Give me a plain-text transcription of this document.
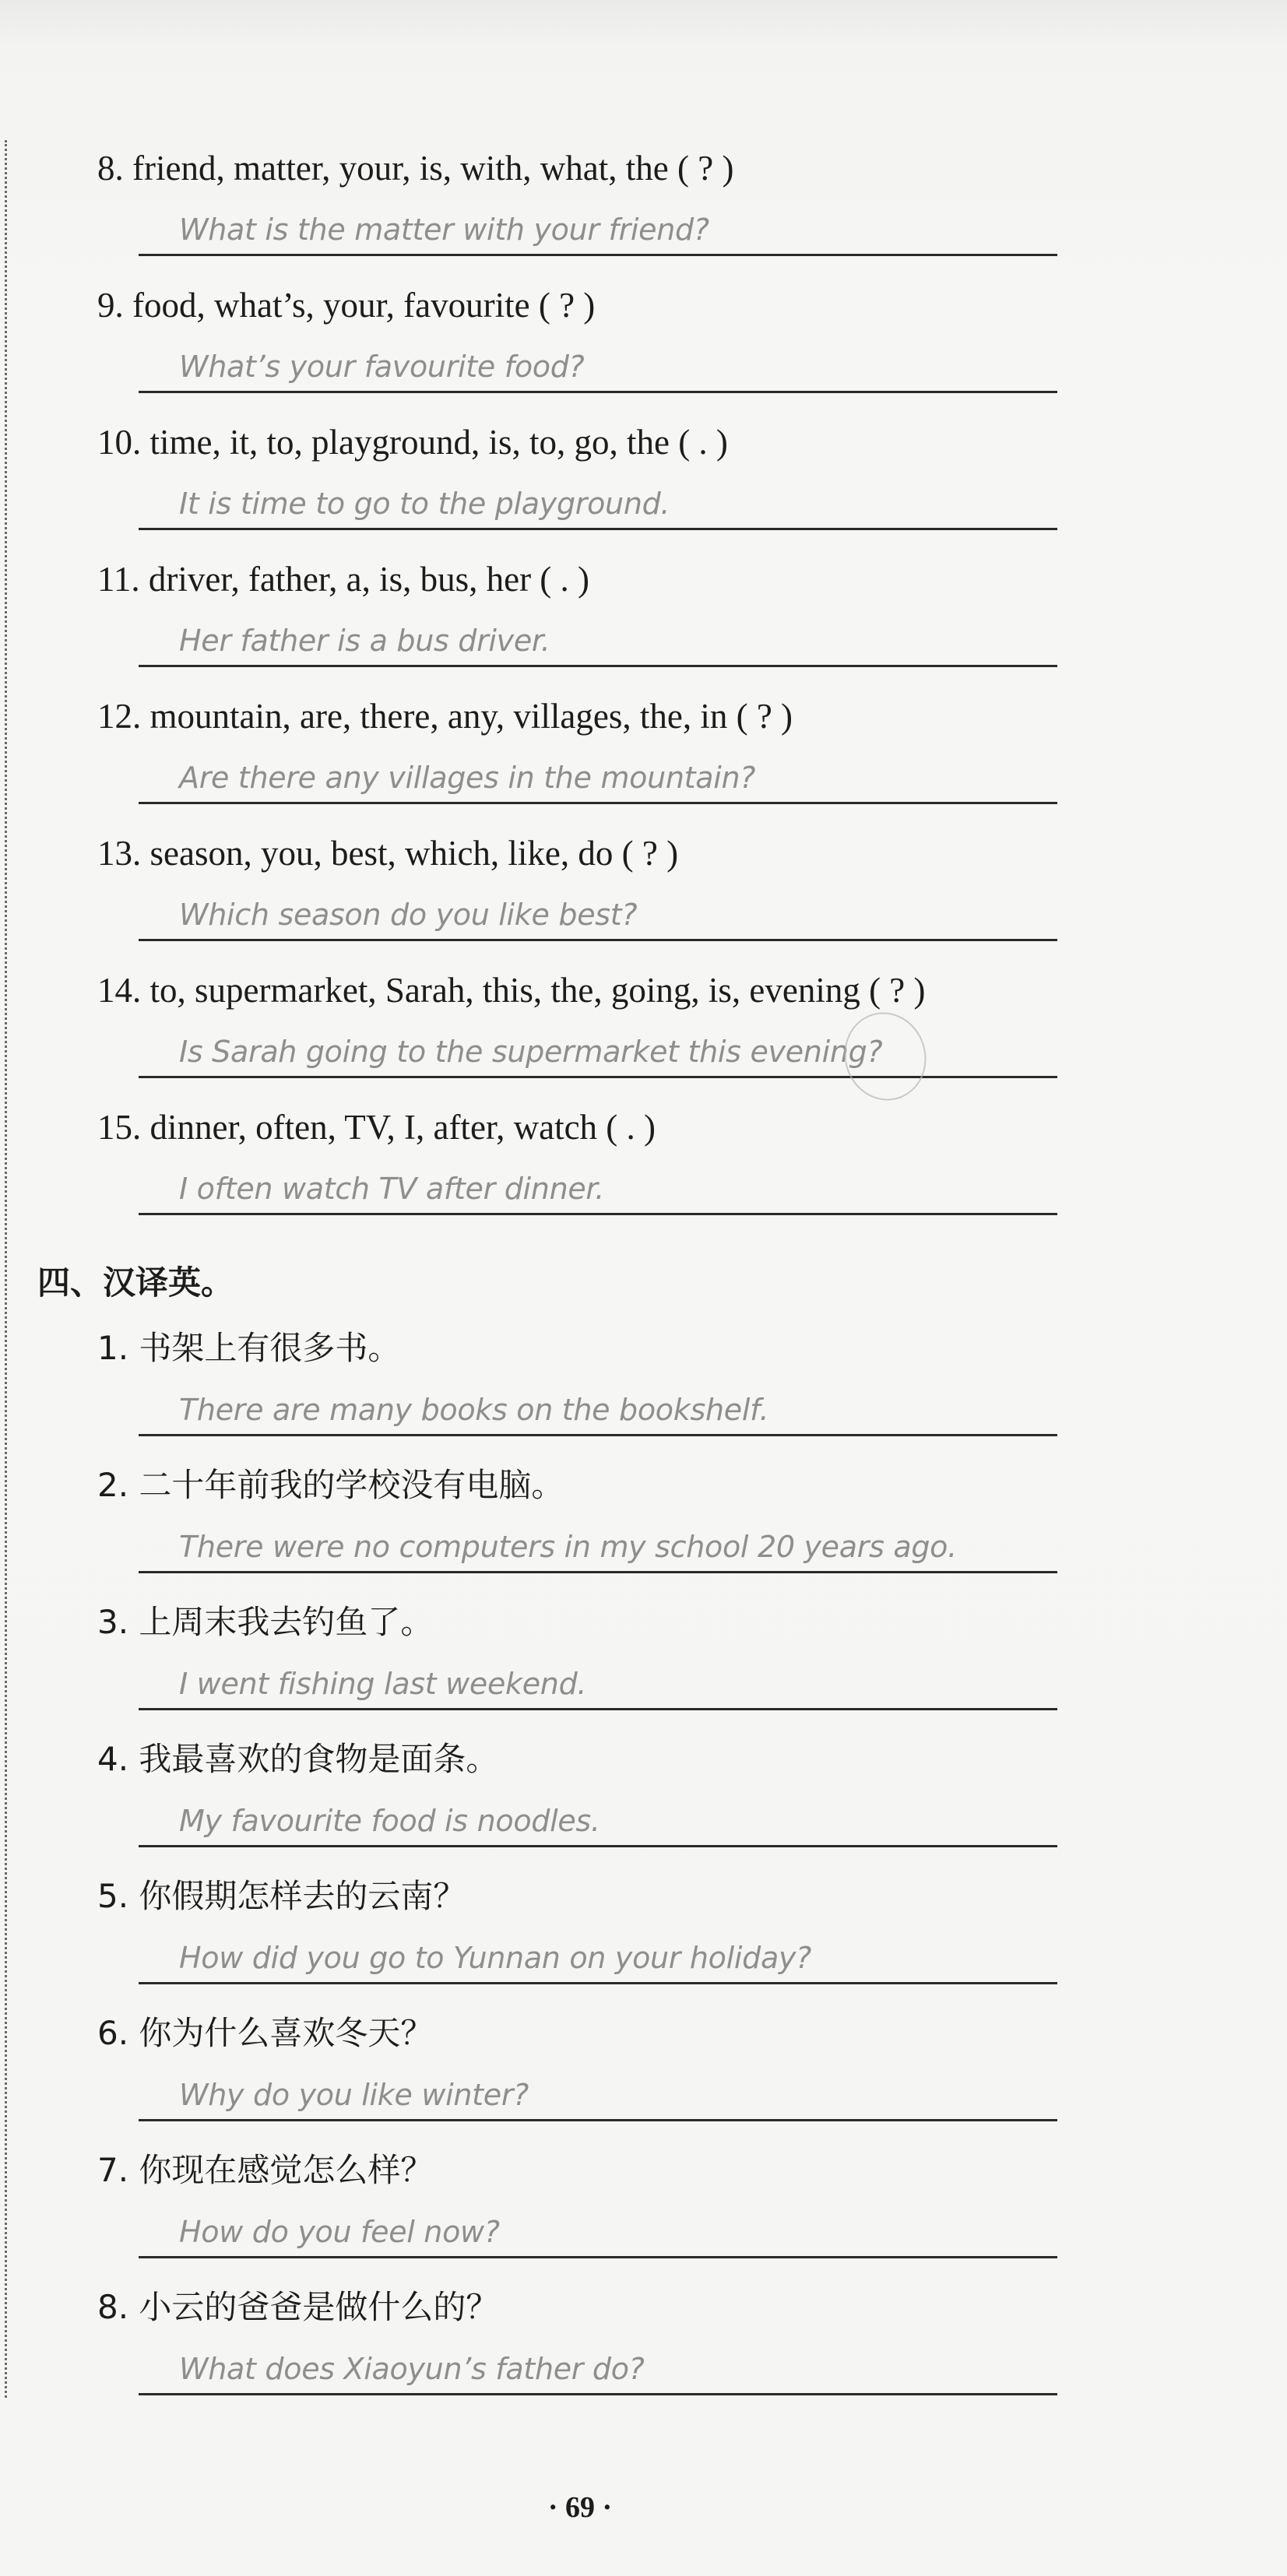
8. friend, matter, your, is, with, what, the ( ? )
What is the matter with your friend?
9. food, what’s, your, favourite ( ? )
What’s your favourite food?
10. time, it, to, playground, is, to, go, the ( . )
It is time to go to the playground.
11. driver, father, a, is, bus, her ( . )
Her father is a bus driver.
12. mountain, are, there, any, villages, the, in ( ? )
Are there any villages in the mountain?
13. season, you, best, which, like, do ( ? )
Which season do you like best?
14. to, supermarket, Sarah, this, the, going, is, evening ( ? )
Is Sarah going to the supermarket this evening?
15. dinner, often, TV, I, after, watch ( . )
I often watch TV after dinner.
四、汉译英。
1. 书架上有很多书。
There are many books on the bookshelf.
2. 二十年前我的学校没有电脑。
There were no computers in my school 20 years ago.
3. 上周末我去钓鱼了。
I went fishing last weekend.
4. 我最喜欢的食物是面条。
My favourite food is noodles.
5. 你假期怎样去的云南？
How did you go to Yunnan on your holiday?
6. 你为什么喜欢冬天？
Why do you like winter?
7. 你现在感觉怎么样？
How do you feel now?
8. 小云的爸爸是做什么的？
What does Xiaoyun’s father do?
· 69 ·
